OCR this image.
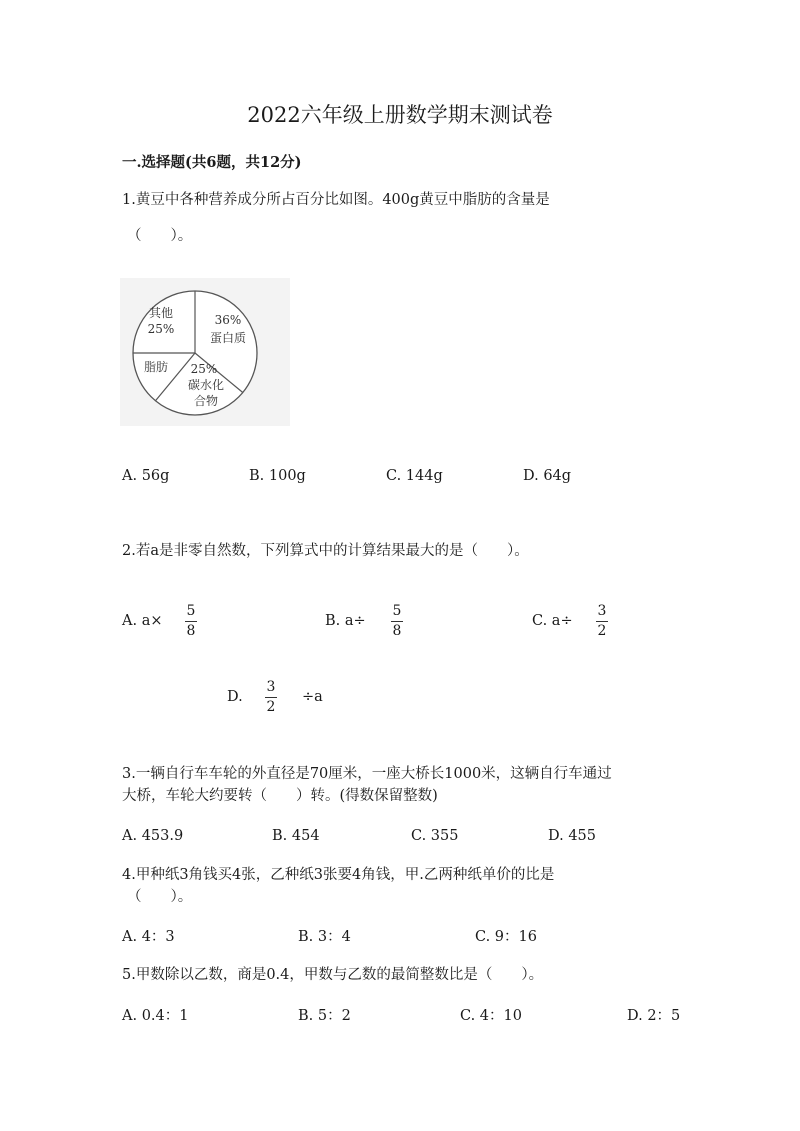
2022六年级上册数学期末测试卷
一.选择题(共6题，共12分)
1.黄豆中各种营养成分所占百分比如图。400g黄豆中脂肪的含量是
（　　）。
其他
25%
36%
蛋白质
25%
碳水化
合物
脂肪
A. 56g	B. 100g	C. 144g	D. 64g
2.若a是非零自然数，下列算式中的计算结果最大的是（　　）。
A. a×
5
8
B. a÷
5
8
C. a÷
3
2
D.
3
2
÷a
3.一辆自行车车轮的外直径是70厘米，一座大桥长1000米，这辆自行车通过
大桥，车轮大约要转（　　）转。(得数保留整数)
A. 453.9	B. 454	C. 355	D. 455
4.甲种纸3角钱买4张，乙种纸3张要4角钱，甲.乙两种纸单价的比是
（　　）。
A. 4：3	B. 3：4	C. 9：16
5.甲数除以乙数，商是0.4，甲数与乙数的最简整数比是（　　）。
A. 0.4：1	B. 5：2	C. 4：10	D. 2：5
